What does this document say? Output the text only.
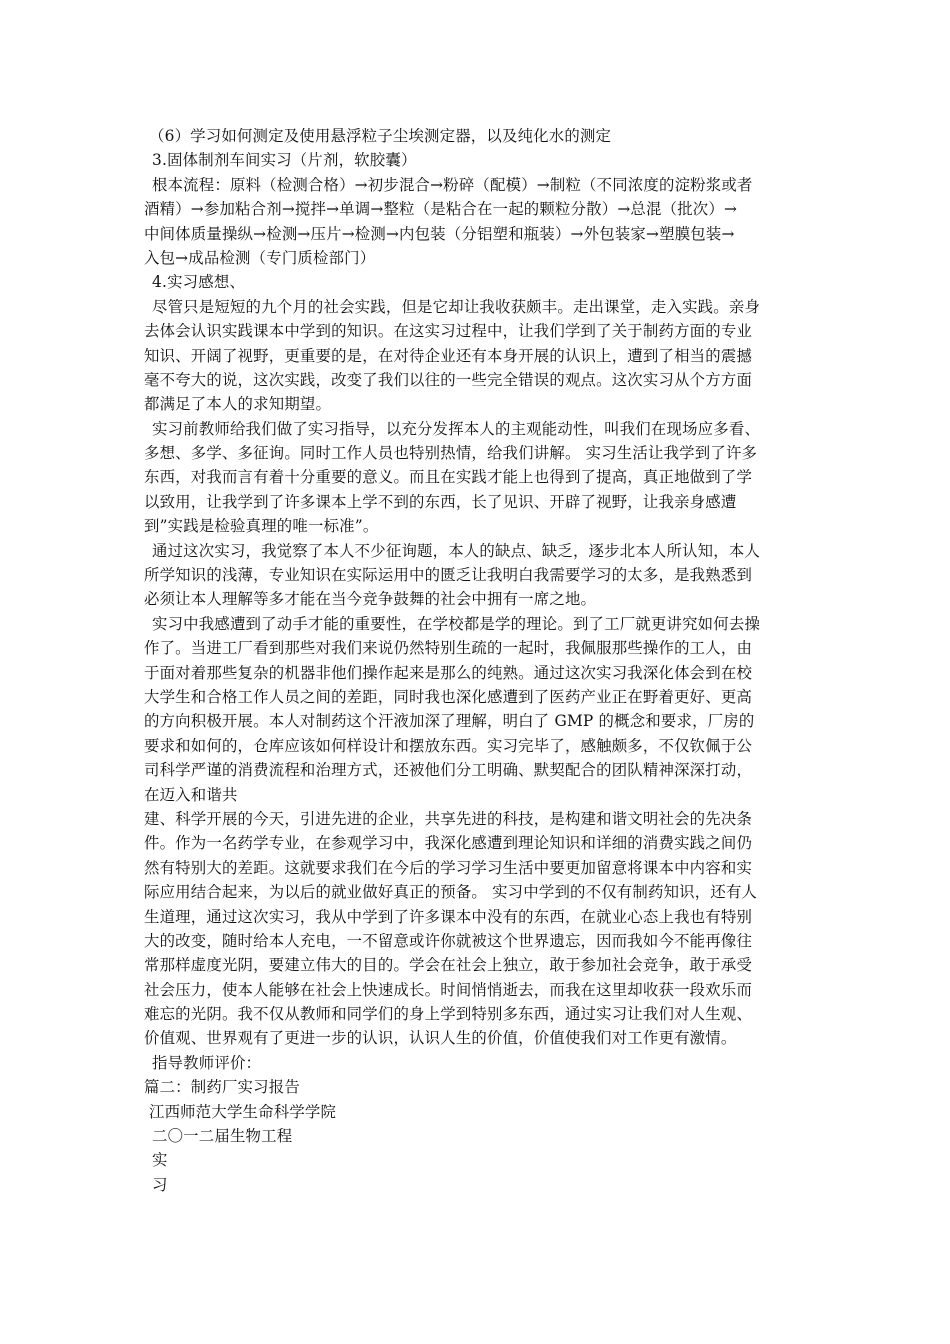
（6）学习如何测定及使用悬浮粒子尘埃测定器，以及纯化水的测定
3.固体制剂车间实习（片剂，软胶囊）
根本流程：原料（检测合格）→初步混合→粉碎（配模）→制粒（不同浓度的淀粉浆或者
酒精）→参加粘合剂→搅拌→单调→整粒（是粘合在一起的颗粒分散）→总混（批次）→
中间体质量操纵→检测→压片→检测→内包装（分铝塑和瓶装）→外包装家→塑膜包装→
入包→成品检测（专门质检部门）
4.实习感想、
尽管只是短短的九个月的社会实践，但是它却让我收获颇丰。走出课堂，走入实践。亲身
去体会认识实践课本中学到的知识。在这实习过程中，让我们学到了关于制药方面的专业
知识、开阔了视野，更重要的是，在对待企业还有本身开展的认识上，遭到了相当的震撼
毫不夸大的说，这次实践，改变了我们以往的一些完全错误的观点。这次实习从个方方面
都满足了本人的求知期望。
实习前教师给我们做了实习指导，以充分发挥本人的主观能动性，叫我们在现场应多看、
多想、多学、多征询。同时工作人员也特别热情，给我们讲解。 实习生活让我学到了许多
东西，对我而言有着十分重要的意义。而且在实践才能上也得到了提高，真正地做到了学
以致用，让我学到了许多课本上学不到的东西，长了见识、开辟了视野，让我亲身感遭
到”实践是检验真理的唯一标准”。
通过这次实习，我觉察了本人不少征询题，本人的缺点、缺乏，逐步北本人所认知，本人
所学知识的浅薄，专业知识在实际运用中的匮乏让我明白我需要学习的太多，是我熟悉到
必须让本人理解等多才能在当今竞争鼓舞的社会中拥有一席之地。
实习中我感遭到了动手才能的重要性，在学校都是学的理论。到了工厂就更讲究如何去操
作了。当进工厂看到那些对我们来说仍然特别生疏的一起时，我佩服那些操作的工人，由
于面对着那些复杂的机器非他们操作起来是那么的纯熟。通过这次实习我深化体会到在校
大学生和合格工作人员之间的差距，同时我也深化感遭到了医药产业正在野着更好、更高
的方向积极开展。本人对制药这个汗液加深了理解，明白了 GMP 的概念和要求，厂房的
要求和如何的，仓库应该如何样设计和摆放东西。实习完毕了，感触颇多，不仅钦佩于公
司科学严谨的消费流程和治理方式，还被他们分工明确、默契配合的团队精神深深打动，
在迈入和谐共
建、科学开展的今天，引进先进的企业，共享先进的科技，是构建和谐文明社会的先决条
件。作为一名药学专业，在参观学习中，我深化感遭到理论知识和详细的消费实践之间仍
然有特别大的差距。这就要求我们在今后的学习学习生活中要更加留意将课本中内容和实
际应用结合起来，为以后的就业做好真正的预备。 实习中学到的不仅有制药知识，还有人
生道理，通过这次实习，我从中学到了许多课本中没有的东西，在就业心态上我也有特别
大的改变，随时给本人充电，一不留意或许你就被这个世界遗忘，因而我如今不能再像往
常那样虚度光阴，要建立伟大的目的。学会在社会上独立，敢于参加社会竞争，敢于承受
社会压力，使本人能够在社会上快速成长。时间悄悄逝去，而我在这里却收获一段欢乐而
难忘的光阴。我不仅从教师和同学们的身上学到特别多东西，通过实习让我们对人生观、
价值观、世界观有了更进一步的认识，认识人生的价值，价值使我们对工作更有激情。
指导教师评价：
篇二：制药厂实习报告
江西师范大学生命科学学院
二〇一二届生物工程
实
习
